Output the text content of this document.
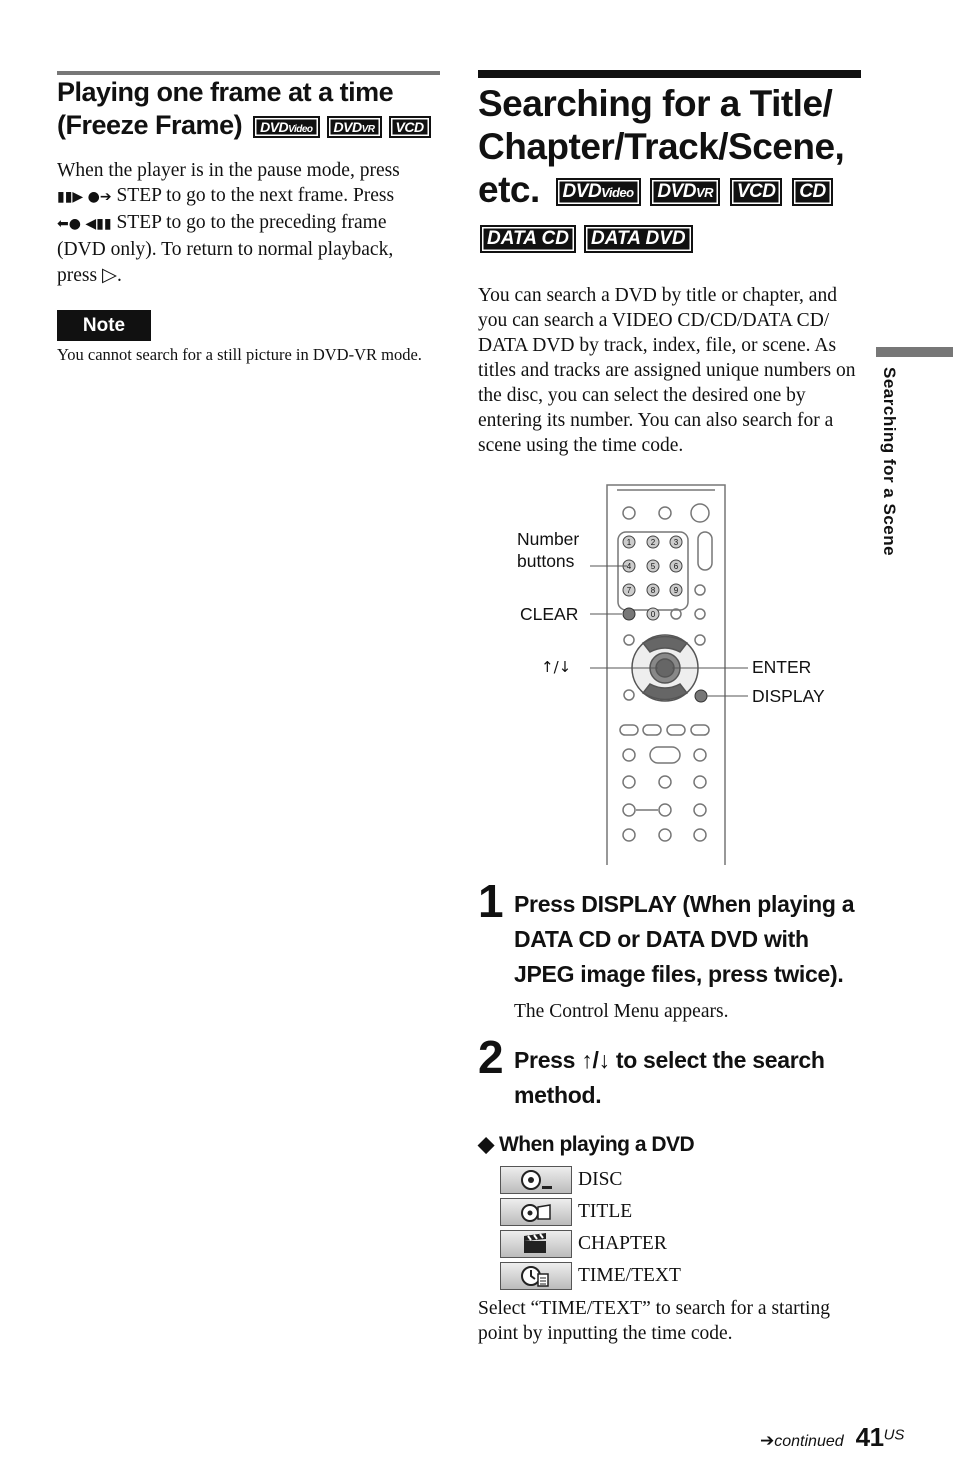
Playing one frame at a time
(Freeze Frame) DVDVideo DVDVR VCD
When the player is in the pause mode, press
▮▮▶ ●➔ STEP to go to the next frame. Press
⬅● ◀▮▮ STEP to go to the preceding frame
(DVD only). To return to normal playback,
press ▷.
Note
You cannot search for a still picture in DVD-VR mode.
Searching for a Title/
Chapter/Track/Scene,
etc. DVDVideo DVDVR VCD CD
DATA CD DATA DVD
You can search a DVD by title or chapter, and you can search a VIDEO CD/CD/DATA CD/ DATA DVD by track, index, file, or scene. As titles and tracks are assigned unique numbers on the disc, you can select the desired one by entering its number. You can also search for a scene using the time code.
1 2 3
4 5 6
7 8 9
0
Number buttons
CLEAR
↑/↓	ENTER
DISPLAY
1 Press DISPLAY (When playing a DATA CD or DATA DVD with JPEG image files, press twice).
The Control Menu appears.
2 Press ↑/↓ to select the search method.
◆ When playing a DVD
DISC
TITLE
CHAPTER
TIME/TEXT
Select “TIME/TEXT” to search for a starting point by inputting the time code.
Searching for a Scene
➔continued $41^{US}$
